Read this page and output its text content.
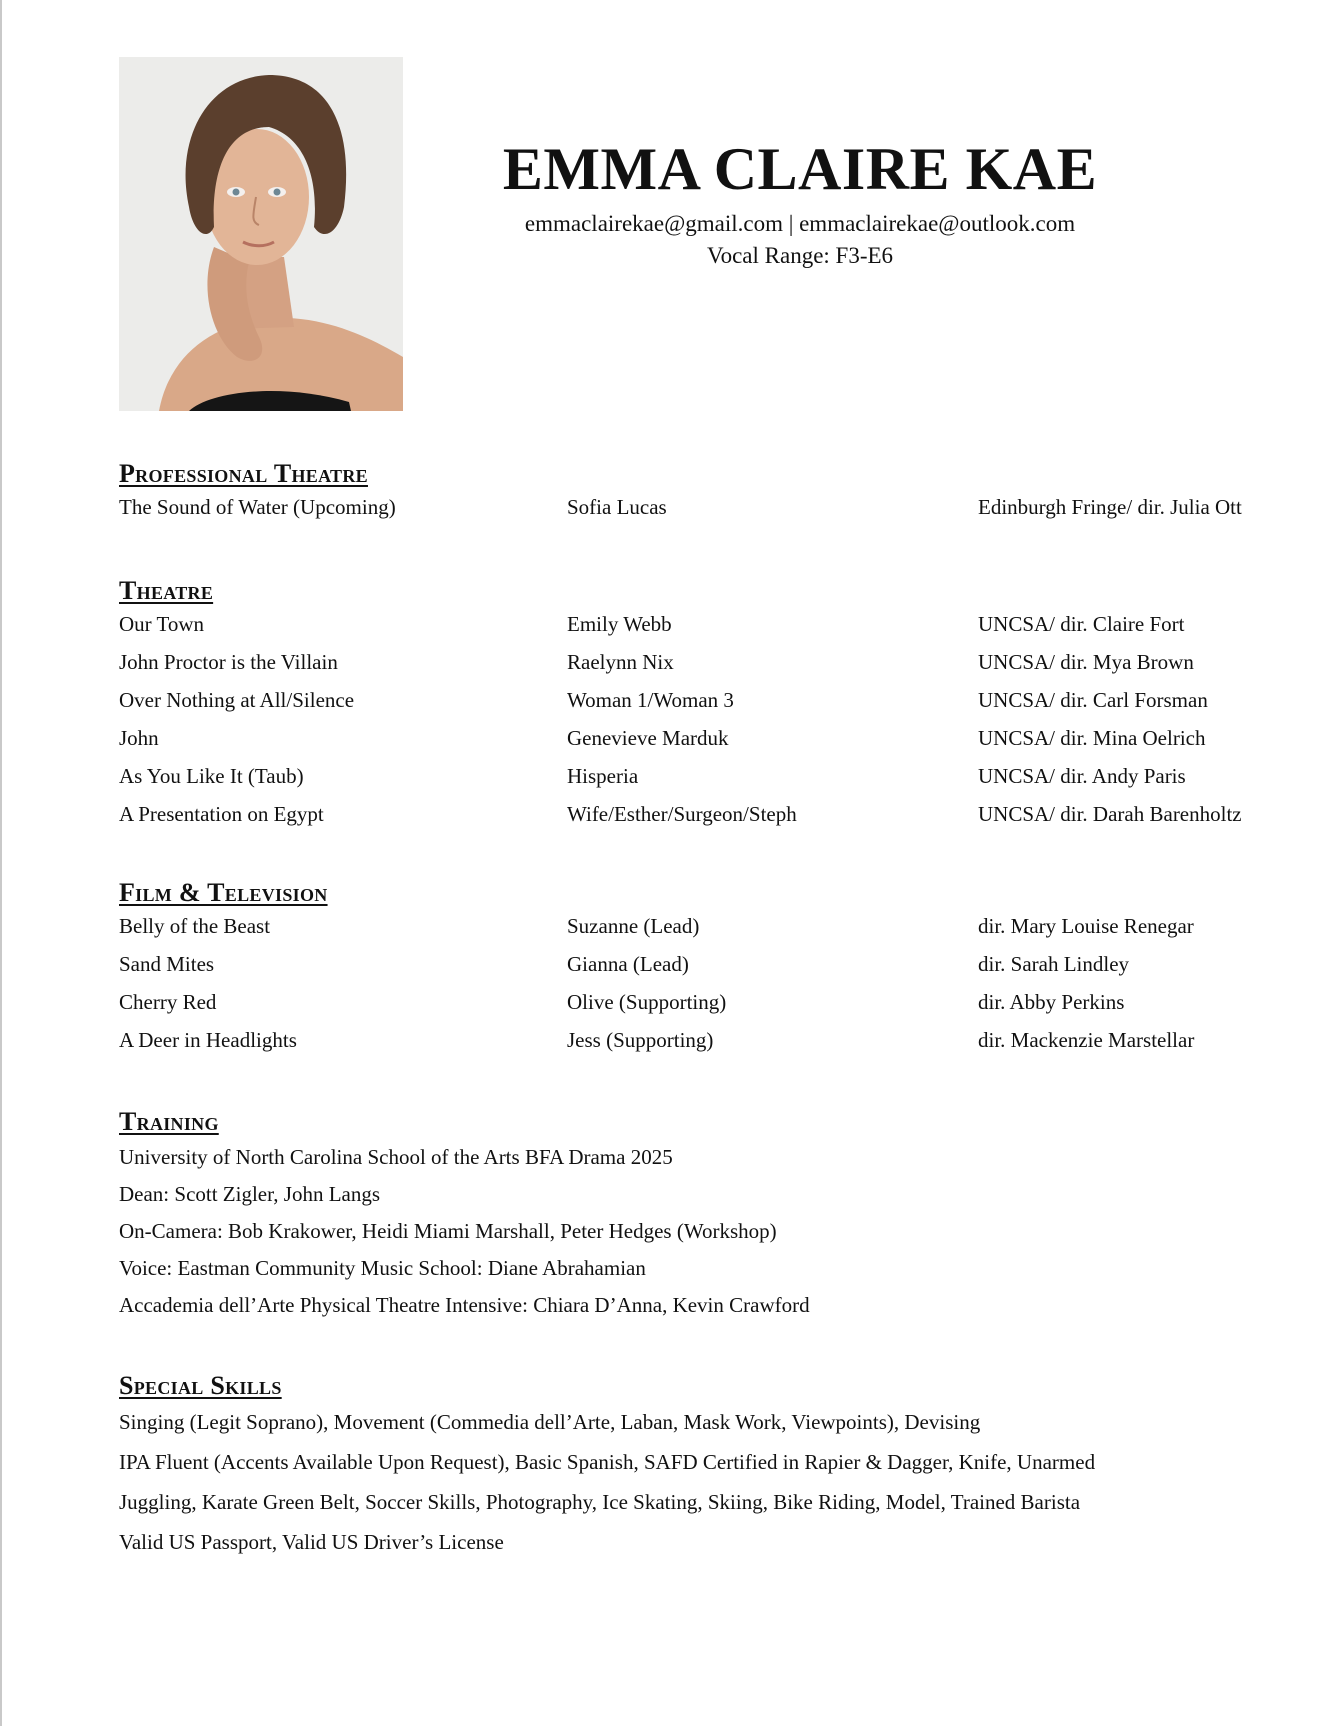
EMMA CLAIRE KAE
emmaclairekae@gmail.com | emmaclairekae@outlook.com
Vocal Range: F3-E6
Professional Theatre
The Sound of Water (Upcoming)	Sofia Lucas	Edinburgh Fringe/ dir. Julia Ott
Theatre
Our Town	Emily Webb	UNCSA/ dir. Claire Fort
John Proctor is the Villain	Raelynn Nix	UNCSA/ dir. Mya Brown
Over Nothing at All/Silence	Woman 1/Woman 3	UNCSA/ dir. Carl Forsman
John	Genevieve Marduk	UNCSA/ dir. Mina Oelrich
As You Like It (Taub)	Hisperia	UNCSA/ dir. Andy Paris
A Presentation on Egypt	Wife/Esther/Surgeon/Steph	UNCSA/ dir. Darah Barenholtz
Film & Television
Belly of the Beast	Suzanne (Lead)	dir. Mary Louise Renegar
Sand Mites	Gianna (Lead)	dir. Sarah Lindley
Cherry Red	Olive (Supporting)	dir. Abby Perkins
A Deer in Headlights	Jess (Supporting)	dir. Mackenzie Marstellar
Training
University of North Carolina School of the Arts BFA Drama 2025
Dean: Scott Zigler, John Langs
On-Camera: Bob Krakower, Heidi Miami Marshall, Peter Hedges (Workshop)
Voice: Eastman Community Music School: Diane Abrahamian
Accademia dell’Arte Physical Theatre Intensive: Chiara D’Anna, Kevin Crawford
Special Skills
Singing (Legit Soprano), Movement (Commedia dell’Arte, Laban, Mask Work, Viewpoints), Devising
IPA Fluent (Accents Available Upon Request), Basic Spanish, SAFD Certified in Rapier & Dagger, Knife, Unarmed
Juggling, Karate Green Belt, Soccer Skills, Photography, Ice Skating, Skiing, Bike Riding, Model, Trained Barista
Valid US Passport, Valid US Driver’s License
